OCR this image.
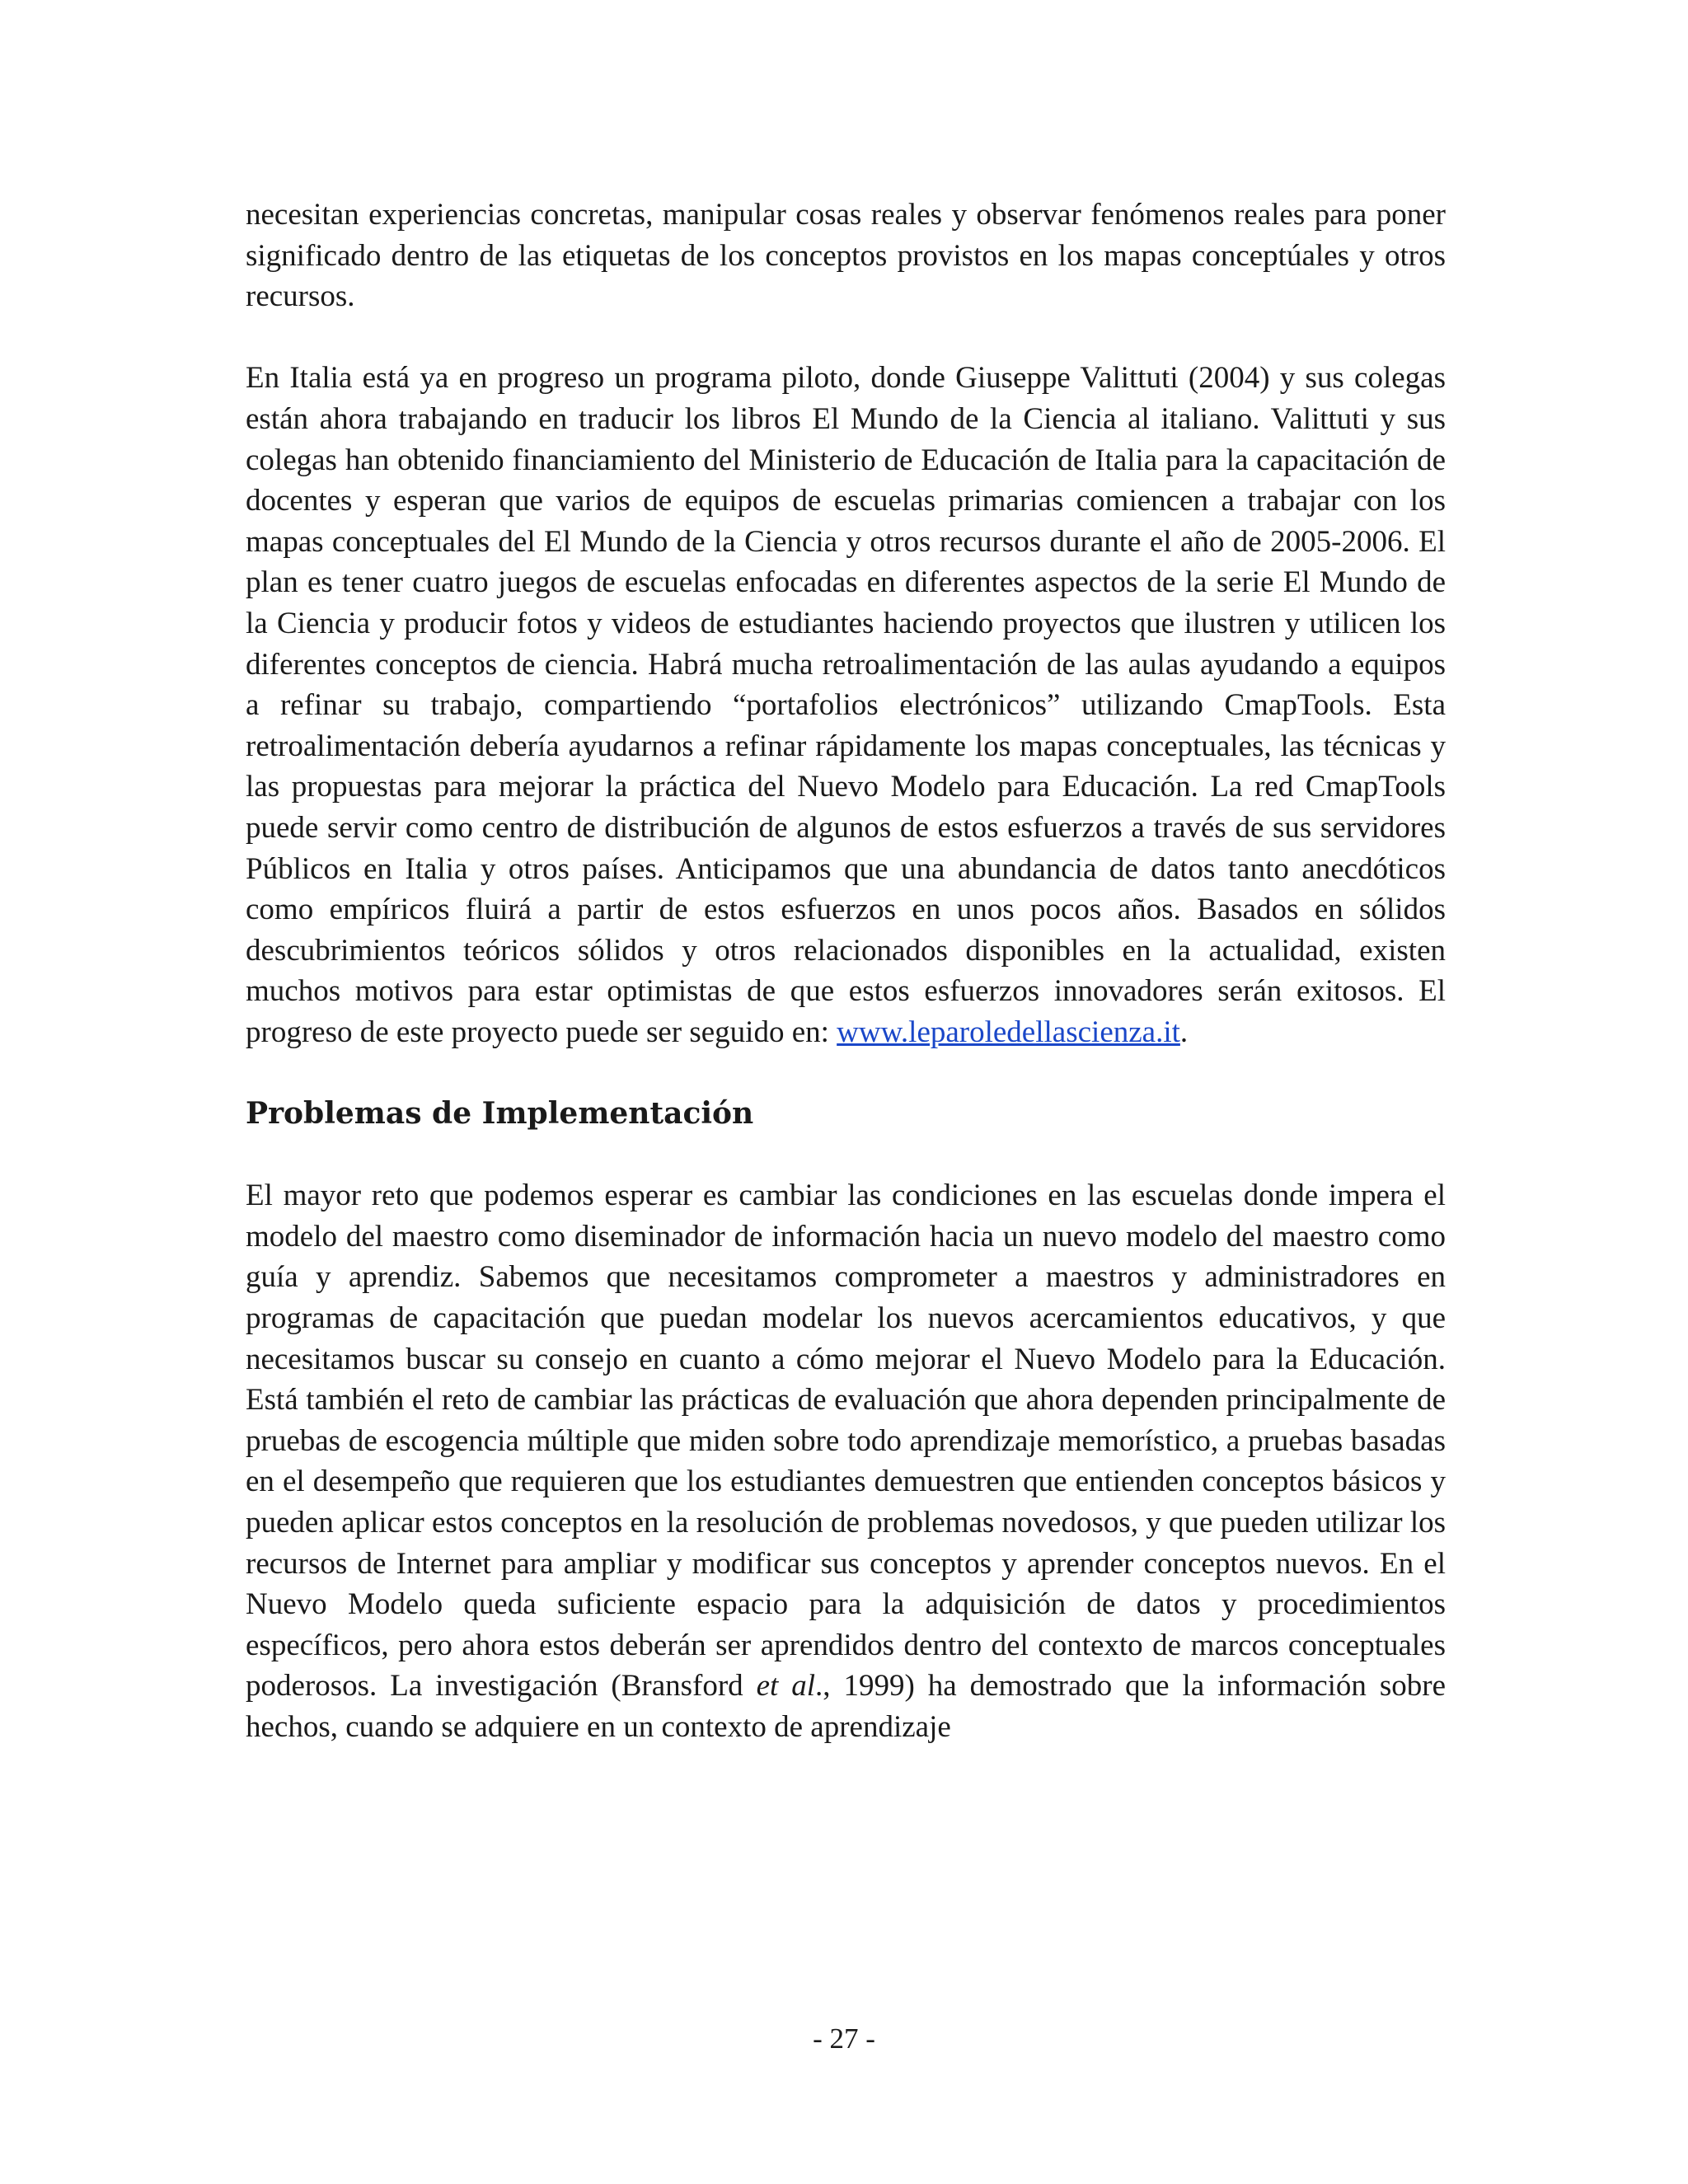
necesitan experiencias concretas, manipular cosas reales y observar fenómenos reales para poner significado dentro de las etiquetas de los conceptos provistos en los mapas conceptúales y otros recursos.

En Italia está ya en progreso un programa piloto, donde Giuseppe Valittuti (2004) y sus colegas están ahora trabajando en traducir los libros El Mundo de la Ciencia al italiano. Valittuti y sus colegas han obtenido financiamiento del Ministerio de Educación de Italia para la capacitación de docentes y esperan que varios de equipos de escuelas primarias comiencen a trabajar con los mapas conceptuales del El Mundo de la Ciencia y otros recursos durante el año de 2005-2006. El plan es tener cuatro juegos de escuelas enfocadas en diferentes aspectos de la serie El Mundo de la Ciencia y producir fotos y videos de estudiantes haciendo proyectos que ilustren y utilicen los diferentes conceptos de ciencia. Habrá mucha retroalimentación de las aulas ayudando a equipos a refinar su trabajo, compartiendo “portafolios electrónicos” utilizando CmapTools. Esta retroalimentación debería ayudarnos a refinar rápidamente los mapas conceptuales, las técnicas y las propuestas para mejorar la práctica del Nuevo Modelo para Educación. La red CmapTools puede servir como centro de distribución de algunos de estos esfuerzos a través de sus servidores Públicos en Italia y otros países. Anticipamos que una abundancia de datos tanto anecdóticos como empíricos fluirá a partir de estos esfuerzos en unos pocos años. Basados en sólidos descubrimientos teóricos sólidos y otros relacionados disponibles en la actualidad, existen muchos motivos para estar optimistas de que estos esfuerzos innovadores serán exitosos. El progreso de este proyecto puede ser seguido en: www.leparoledellascienza.it.

Problemas de Implementación

El mayor reto que podemos esperar es cambiar las condiciones en las escuelas donde impera el modelo del maestro como diseminador de información hacia un nuevo modelo del maestro como guía y aprendiz. Sabemos que necesitamos comprometer a maestros y administradores en programas de capacitación que puedan modelar los nuevos acercamientos educativos, y que necesitamos buscar su consejo en cuanto a cómo mejorar el Nuevo Modelo para la Educación. Está también el reto de cambiar las prácticas de evaluación que ahora dependen principalmente de pruebas de escogencia múltiple que miden sobre todo aprendizaje memorístico, a pruebas basadas en el desempeño que requieren que los estudiantes demuestren que entienden conceptos básicos y pueden aplicar estos conceptos en la resolución de problemas novedosos, y que pueden utilizar los recursos de Internet para ampliar y modificar sus conceptos y aprender conceptos nuevos. En el Nuevo Modelo queda suficiente espacio para la adquisición de datos y procedimientos específicos, pero ahora estos deberán ser aprendidos dentro del contexto de marcos conceptuales poderosos. La investigación (Bransford et al., 1999) ha demostrado que la información sobre hechos, cuando se adquiere en un contexto de aprendizaje

- 27 -
